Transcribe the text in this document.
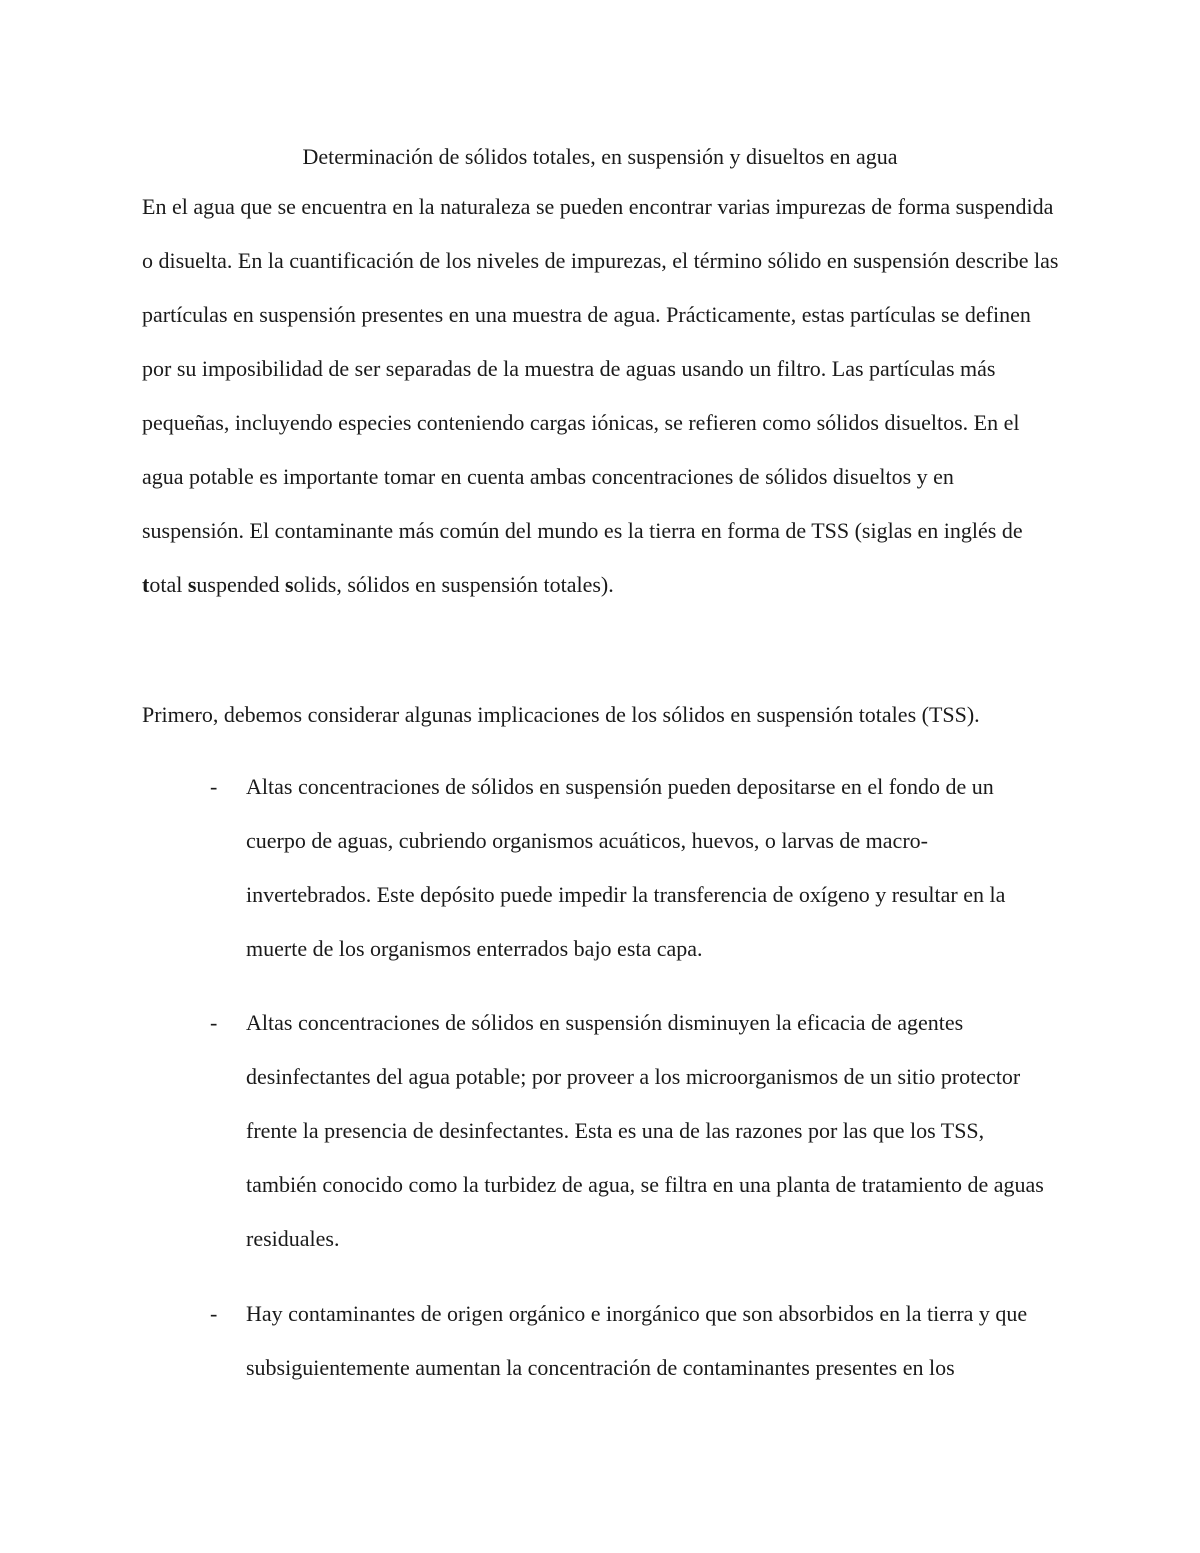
Determinación de sólidos totales, en suspensión y disueltos en agua

En el agua que se encuentra en la naturaleza se pueden encontrar varias impurezas de forma suspendida o disuelta. En la cuantificación de los niveles de impurezas, el término sólido en suspensión describe las partículas en suspensión presentes en una muestra de agua. Prácticamente, estas partículas se definen por su imposibilidad de ser separadas de la muestra de aguas usando un filtro. Las partículas más pequeñas, incluyendo especies conteniendo cargas iónicas, se refieren como sólidos disueltos. En el agua potable es importante tomar en cuenta ambas concentraciones de sólidos disueltos y en suspensión. El contaminante más común del mundo es la tierra en forma de TSS (siglas en inglés de total suspended solids, sólidos en suspensión totales).

Primero, debemos considerar algunas implicaciones de los sólidos en suspensión totales (TSS).

-	Altas concentraciones de sólidos en suspensión pueden depositarse en el fondo de un cuerpo de aguas, cubriendo organismos acuáticos, huevos, o larvas de macro-invertebrados. Este depósito puede impedir la transferencia de oxígeno y resultar en la muerte de los organismos enterrados bajo esta capa.
-	Altas concentraciones de sólidos en suspensión disminuyen la eficacia de agentes desinfectantes del agua potable; por proveer a los microorganismos de un sitio protector frente la presencia de desinfectantes. Esta es una de las razones por las que los TSS, también conocido como la turbidez de agua, se filtra en una planta de tratamiento de aguas residuales.
-	Hay contaminantes de origen orgánico e inorgánico que son absorbidos en la tierra y que subsiguientemente aumentan la concentración de contaminantes presentes en los
